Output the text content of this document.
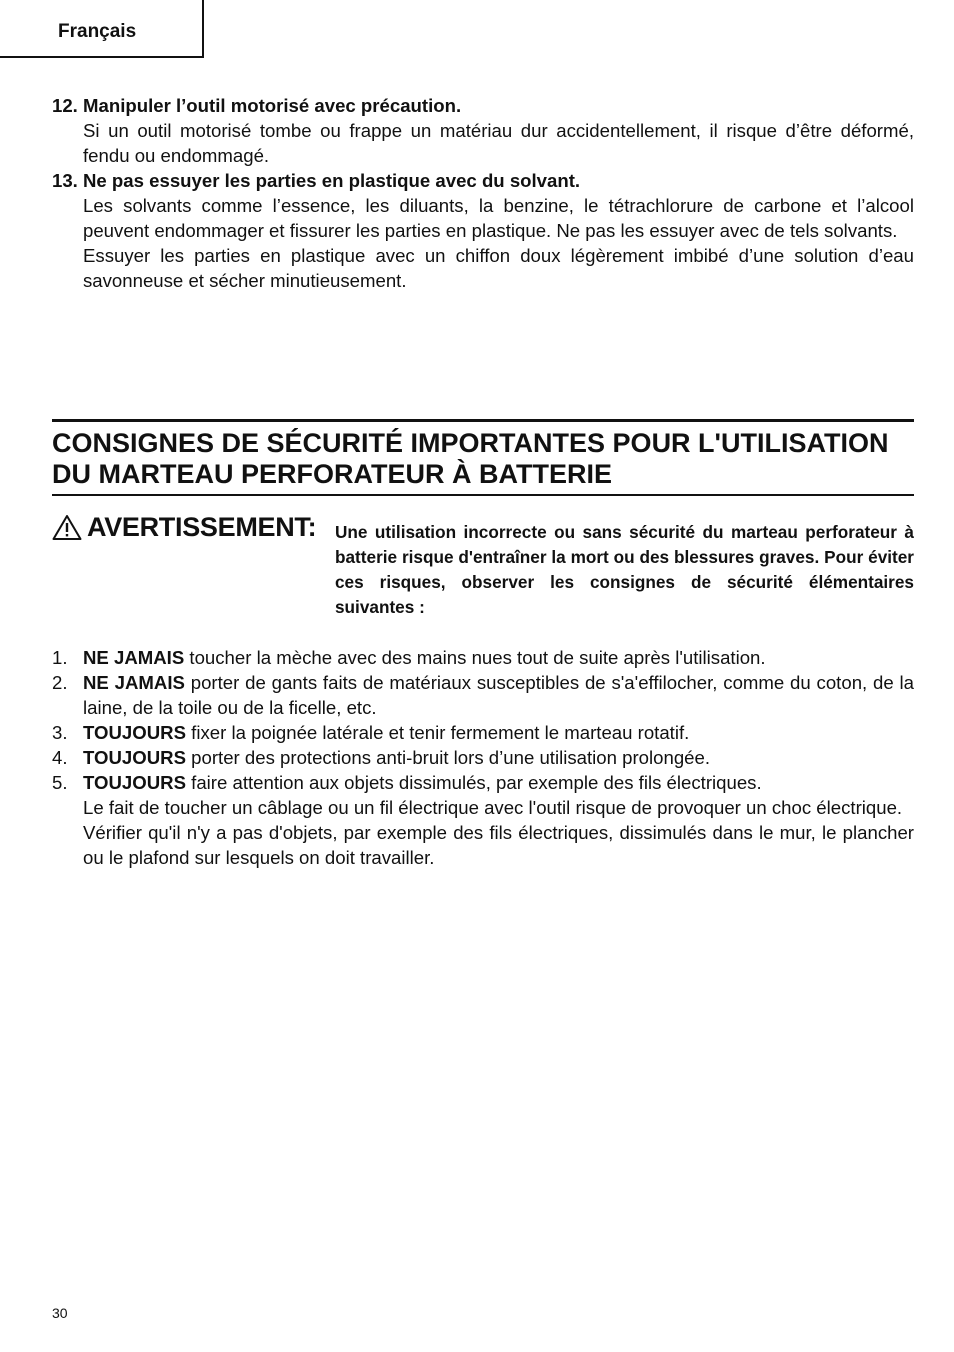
Français
12. Manipuler l’outil motorisé avec précaution.
Si un outil motorisé tombe ou frappe un matériau dur accidentellement, il risque d’être déformé, fendu ou endommagé.
13. Ne pas essuyer les parties en plastique avec du solvant.
Les solvants comme l’essence, les diluants, la benzine, le tétrachlorure de carbone et l’alcool peuvent endommager et fissurer les parties en plastique. Ne pas les essuyer avec de tels solvants.
Essuyer les parties en plastique avec un chiffon doux légèrement imbibé d’une solution d’eau savonneuse et sécher minutieusement.
CONSIGNES DE SÉCURITÉ IMPORTANTES POUR L'UTILISATION
DU MARTEAU PERFORATEUR À BATTERIE
AVERTISSEMENT: Une utilisation incorrecte ou sans sécurité du marteau perforateur à batterie risque d'entraîner la mort ou des blessures graves. Pour éviter ces risques, observer les consignes de sécurité élémentaires suivantes :
1. NE JAMAIS toucher la mèche avec des mains nues tout de suite après l'utilisation.
2. NE JAMAIS porter de gants faits de matériaux susceptibles de s'a'effilocher, comme du coton, de la laine, de la toile ou de la ficelle, etc.
3. TOUJOURS fixer la poignée latérale et tenir fermement le marteau rotatif.
4. TOUJOURS porter des protections anti-bruit lors d’une utilisation prolongée.
5. TOUJOURS faire attention aux objets dissimulés, par exemple des fils électriques.
Le fait de toucher un câblage ou un fil électrique avec l'outil risque de provoquer un choc électrique.
Vérifier qu'il n'y a pas d'objets, par exemple des fils électriques, dissimulés dans le mur, le plancher ou le plafond sur lesquels on doit travailler.
30
